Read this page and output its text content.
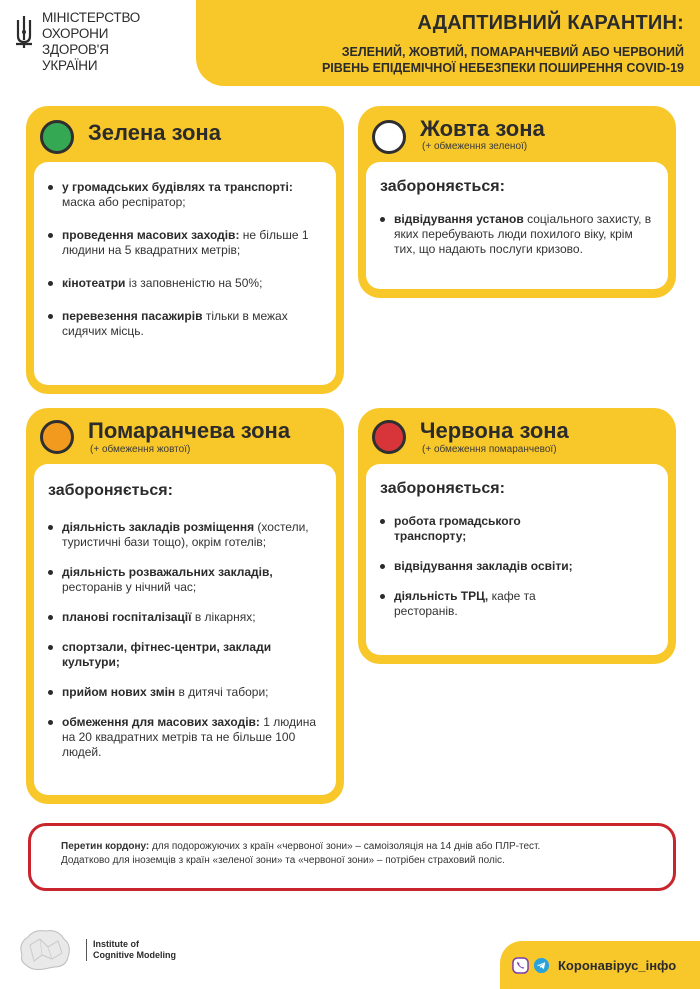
МІНІСТЕРСТВО
ОХОРОНИ
ЗДОРОВ'Я
УКРАЇНИ
АДАПТИВНИЙ КАРАНТИН:
ЗЕЛЕНИЙ, ЖОВТИЙ, ПОМАРАНЧЕВИЙ АБО ЧЕРВОНИЙ
РІВЕНЬ ЕПІДЕМІЧНОЇ НЕБЕЗПЕКИ ПОШИРЕННЯ COVID-19
Зелена зона
у громадських будівлях та транспорті: маска або респіратор;
проведення масових заходів: не більше 1 людини на 5 квадратних метрів;
кінотеатри із заповненістю на 50%;
перевезення пасажирів тільки в межах сидячих місць.
Жовта зона
(+ обмеження зеленої)
забороняється:
відвідування установ соціального захисту, в яких перебувають люди похилого віку, крім тих, що надають послуги кризово.
Помаранчева зона
(+ обмеження жовтої)
забороняється:
діяльність закладів розміщення (хостели, туристичні бази тощо), окрім готелів;
діяльність розважальних закладів, ресторанів у нічний час;
планові госпіталізації в лікарнях;
спортзали, фітнес-центри, заклади культури;
прийом нових змін в дитячі табори;
обмеження для масових заходів: 1 людина на 20 квадратних метрів та не більше 100 людей.
Червона зона
(+ обмеження помаранчевої)
забороняється:
робота громадського транспорту;
відвідування закладів освіти;
діяльність ТРЦ, кафе та ресторанів.
Перетин кордону: для подорожуючих з країн «червоної зони» – самоізоляція на 14 днів або ПЛР-тест.
Додатково для іноземців з країн «зеленої зони» та «червоної зони» – потрібен страховий поліс.
Institute of
Cognitive Modeling
Коронавірус_інфо
